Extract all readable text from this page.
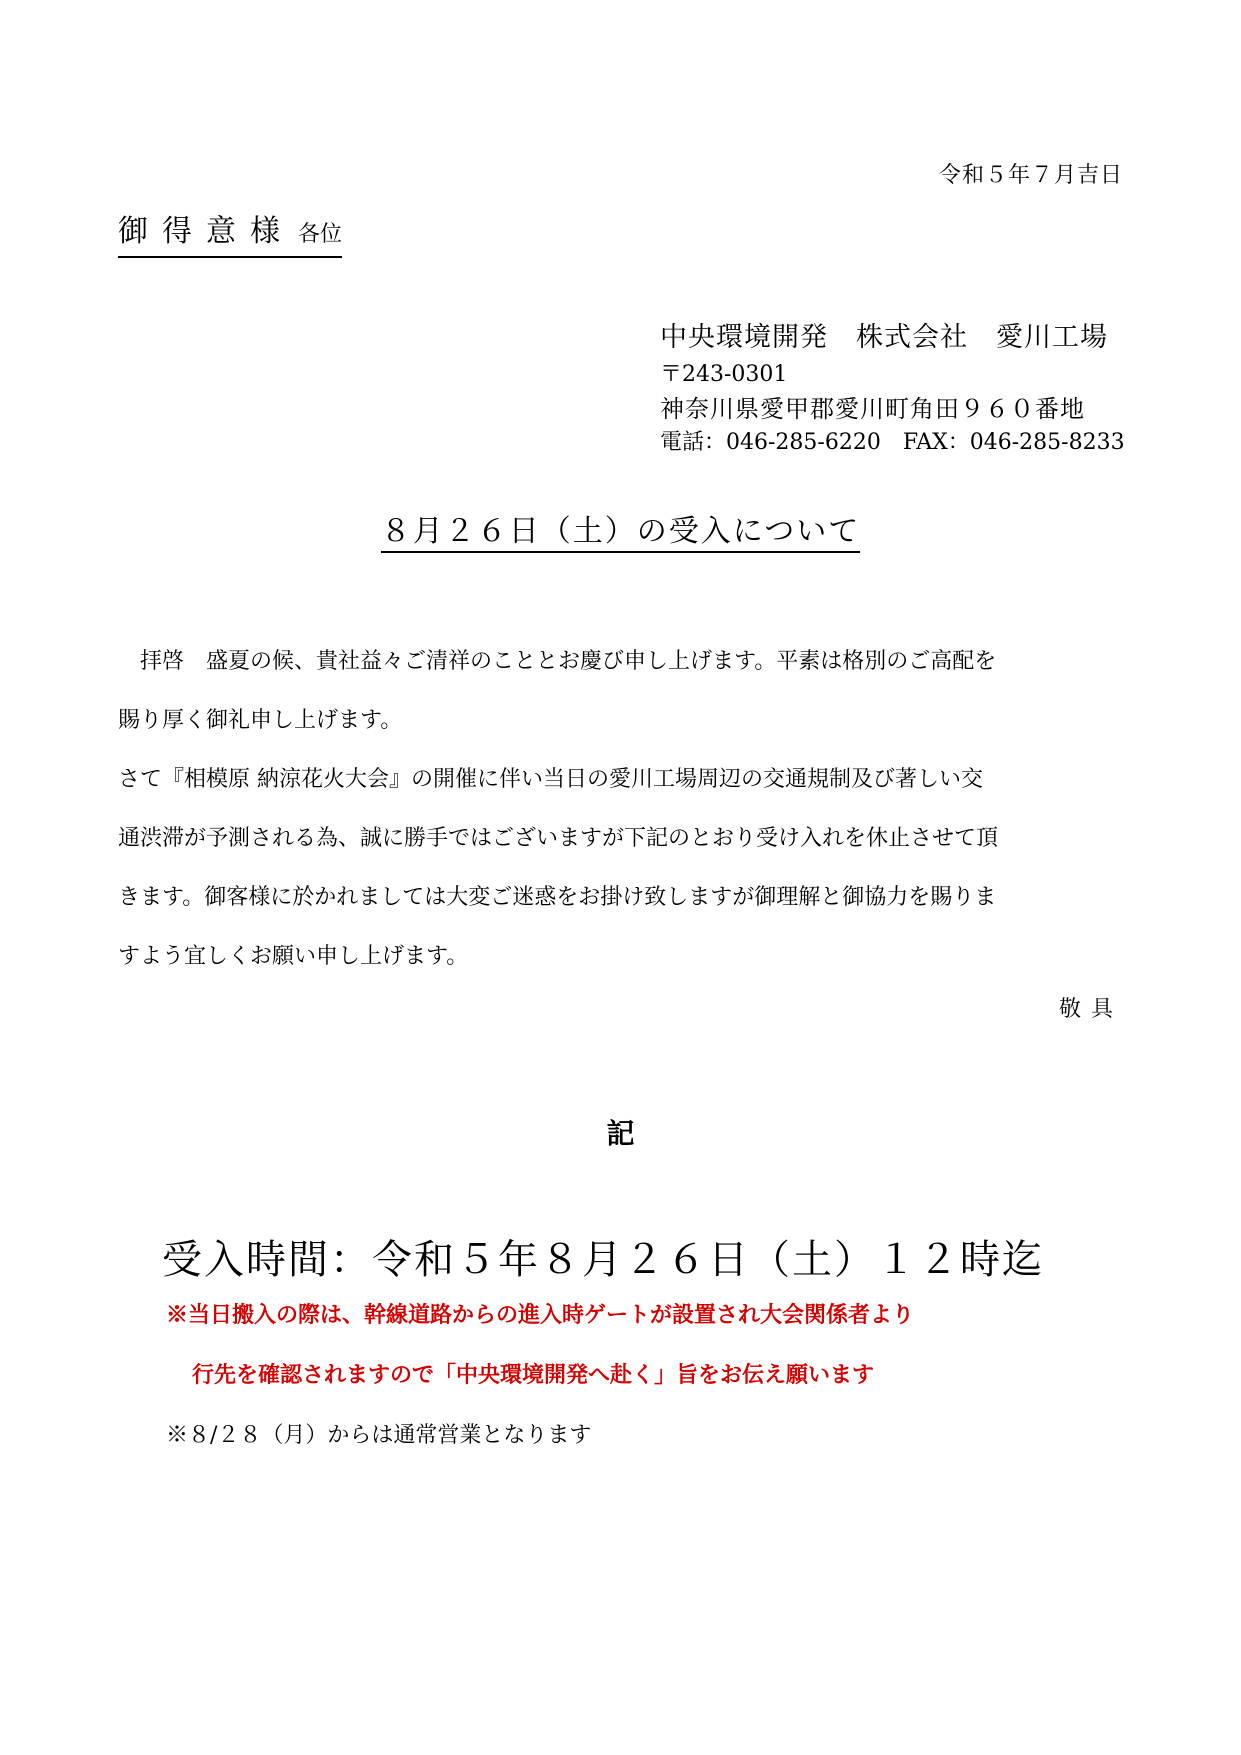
令和５年７月吉日
御得意様 各位
中央環境開発　株式会社　愛川工場
〒243-0301
神奈川県愛甲郡愛川町角田９６０番地
電話：046-285-6220　FAX：046-285-8233
８月２６日（土）の受入について
　拝啓　盛夏の候、貴社益々ご清祥のこととお慶び申し上げます。平素は格別のご高配を
賜り厚く御礼申し上げます。
さて『相模原 納涼花火大会』の開催に伴い当日の愛川工場周辺の交通規制及び著しい交
通渋滞が予測される為、誠に勝手ではございますが下記のとおり受け入れを休止させて頂
きます。御客様に於かれましては大変ご迷惑をお掛け致しますが御理解と御協力を賜りま
すよう宜しくお願い申し上げます。
敬具
記
受入時間：令和５年８月２６日（土）１２時迄
※当日搬入の際は、幹線道路からの進入時ゲートが設置され大会関係者より
行先を確認されますので「中央環境開発へ赴く」旨をお伝え願います
※８/２８（月）からは通常営業となります
